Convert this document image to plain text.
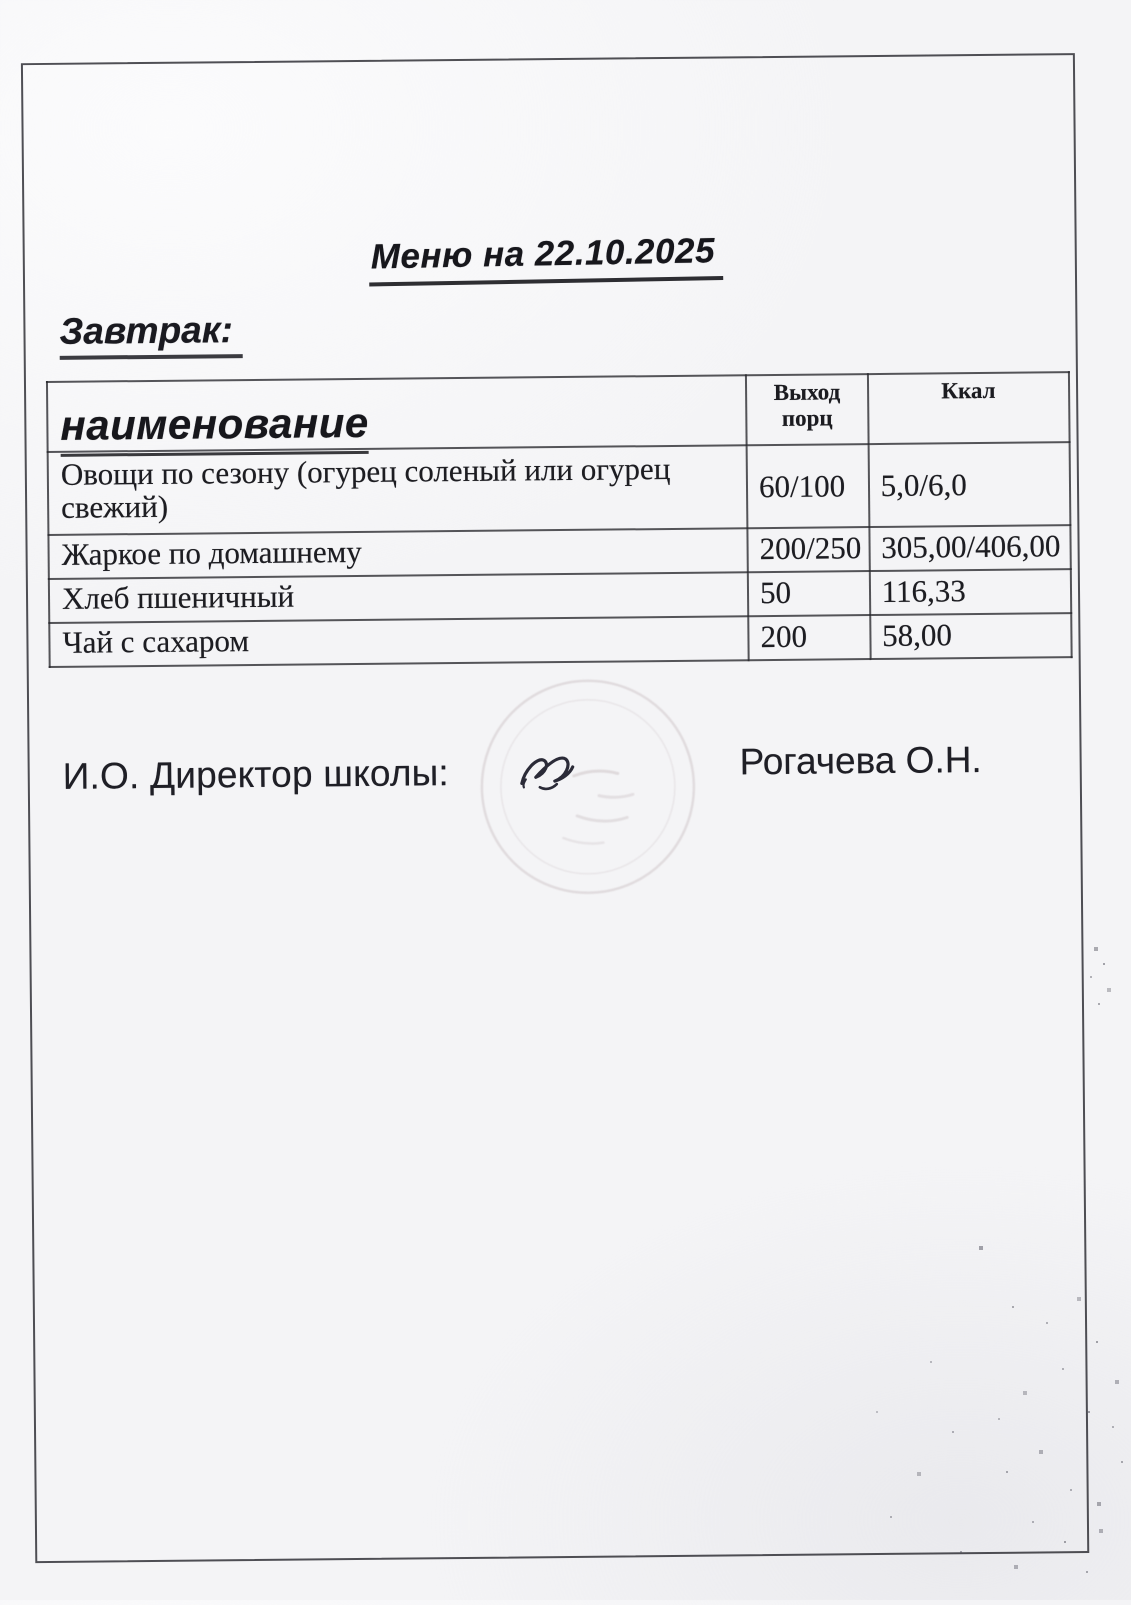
Меню на 22.10.2025
Завтрак:
наименование	Выход порц	Ккал
Овощи по сезону (огурец соленый или огурец свежий)	60/100	5,0/6,0
Жаркое по домашнему	200/250	305,00/406,00
Хлеб пшеничный	50	116,33
Чай с сахаром	200	58,00
И.О. Директор школы:	Рогачева О.Н.
